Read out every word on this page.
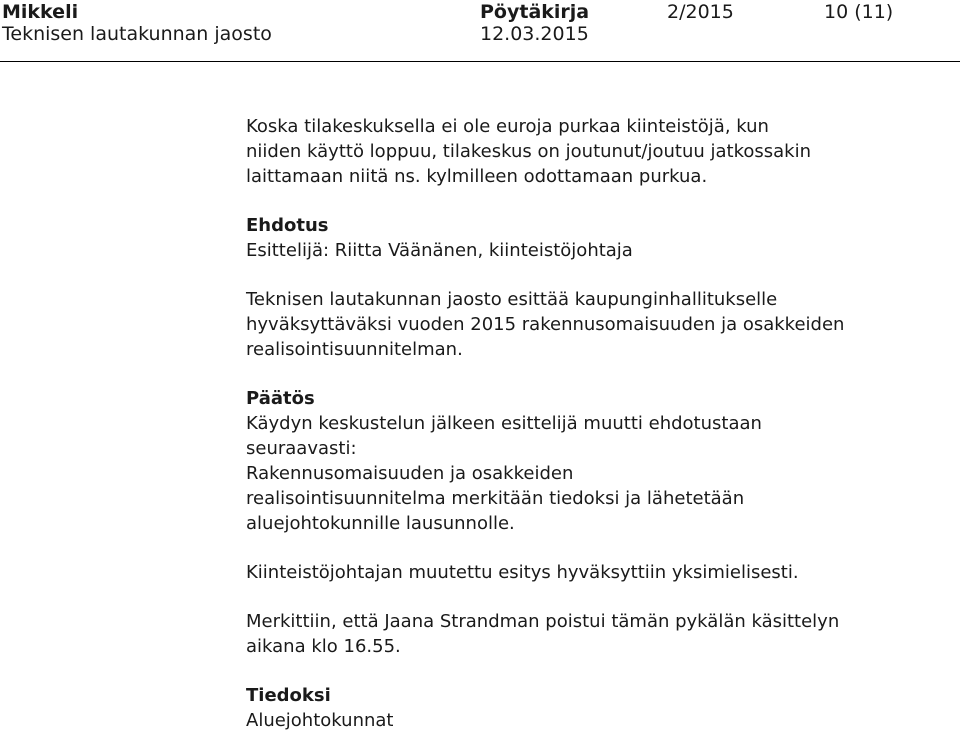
Mikkeli
Teknisen lautakunnan jaosto
Pöytäkirja
12.03.2015
2/2015	10 (11)
Koska tilakeskuksella ei ole euroja purkaa kiinteistöjä, kun
niiden käyttö loppuu, tilakeskus on joutunut/joutuu jatkossakin
laittamaan niitä ns. kylmilleen odottamaan purkua.
Ehdotus
Esittelijä: Riitta Väänänen, kiinteistöjohtaja
Teknisen lautakunnan jaosto esittää kaupunginhallitukselle
hyväksyttäväksi vuoden 2015 rakennusomaisuuden ja osakkeiden
realisointisuunnitelman.
Päätös
Käydyn keskustelun jälkeen esittelijä muutti ehdotustaan
seuraavasti:
Rakennusomaisuuden ja osakkeiden
realisointisuunnitelma merkitään tiedoksi ja lähetetään
aluejohtokunnille lausunnolle.
Kiinteistöjohtajan muutettu esitys hyväksyttiin yksimielisesti.
Merkittiin, että Jaana Strandman poistui tämän pykälän käsittelyn
aikana klo 16.55.
Tiedoksi
Aluejohtokunnat
